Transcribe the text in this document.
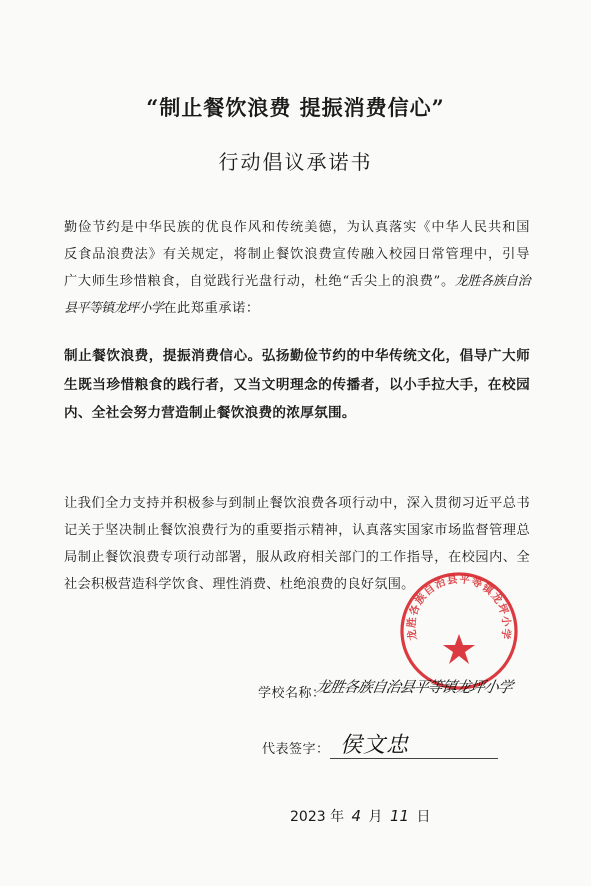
“制止餐饮浪费 提振消费信心”
行动倡议承诺书
勤俭节约是中华民族的优良作风和传统美德，为认真落实《中华人民共和国反食品浪费法》有关规定，将制止餐饮浪费宣传融入校园日常管理中，引导广大师生珍惜粮食，自觉践行光盘行动，杜绝“舌尖上的浪费”。龙胜各族自治县平等镇龙坪小学在此郑重承诺：
制止餐饮浪费，提振消费信心。弘扬勤俭节约的中华传统文化，倡导广大师生既当珍惜粮食的践行者，又当文明理念的传播者，以小手拉大手，在校园内、全社会努力营造制止餐饮浪费的浓厚氛围。
让我们全力支持并积极参与到制止餐饮浪费各项行动中，深入贯彻习近平总书记关于坚决制止餐饮浪费行为的重要指示精神，认真落实国家市场监督管理总局制止餐饮浪费专项行动部署，服从政府相关部门的工作指导，在校园内、全社会积极营造科学饮食、理性消费、杜绝浪费的良好氛围。
龙胜各族自治县平等镇龙坪小学
学校名称：
龙胜各族自治县平等镇龙坪小学
代表签字： 侯文忠
2023 年 4 月 11 日
